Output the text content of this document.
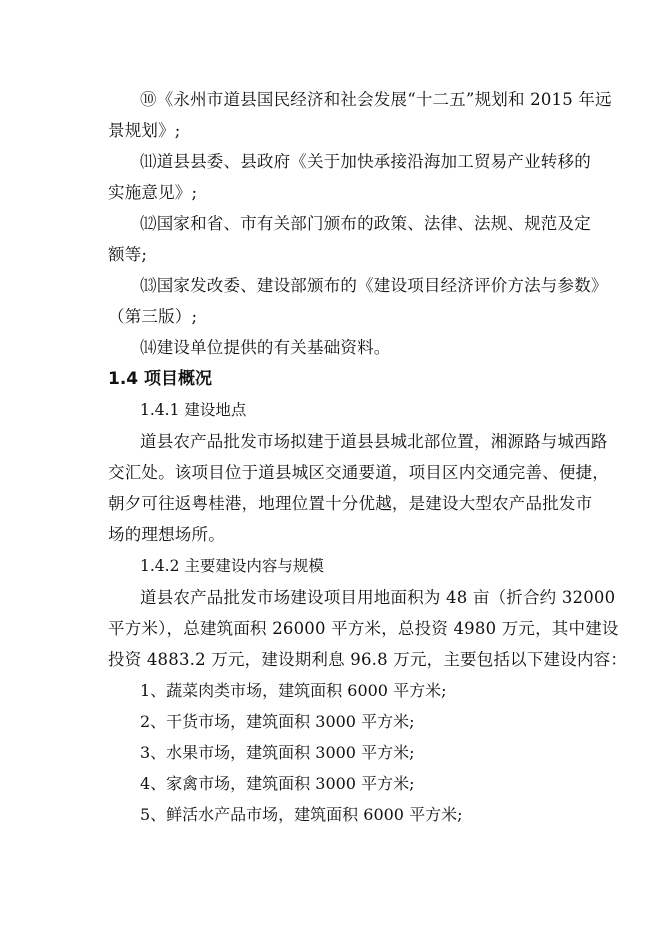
⑩《永州市道县国民经济和社会发展“十二五”规划和 2015 年远
景规划》;
⑾道县县委、县政府《关于加快承接沿海加工贸易产业转移的
实施意见》;
⑿国家和省、市有关部门颁布的政策、法律、法规、规范及定
额等;
⒀国家发改委、建设部颁布的《建设项目经济评价方法与参数》
（第三版）;
⒁建设单位提供的有关基础资料。
1.4 项目概况
1.4.1 建设地点
道县农产品批发市场拟建于道县县城北部位置，湘源路与城西路
交汇处。该项目位于道县城区交通要道，项目区内交通完善、便捷，
朝夕可往返粤桂港，地理位置十分优越，是建设大型农产品批发市
场的理想场所。
1.4.2 主要建设内容与规模
道县农产品批发市场建设项目用地面积为 48 亩（折合约 32000
平方米），总建筑面积 26000 平方米，总投资 4980 万元，其中建设
投资 4883.2 万元，建设期利息 96.8 万元，主要包括以下建设内容：
1、蔬菜肉类市场，建筑面积 6000 平方米;
2、干货市场，建筑面积 3000 平方米;
3、水果市场，建筑面积 3000 平方米;
4、家禽市场，建筑面积 3000 平方米;
5、鲜活水产品市场，建筑面积 6000 平方米;
